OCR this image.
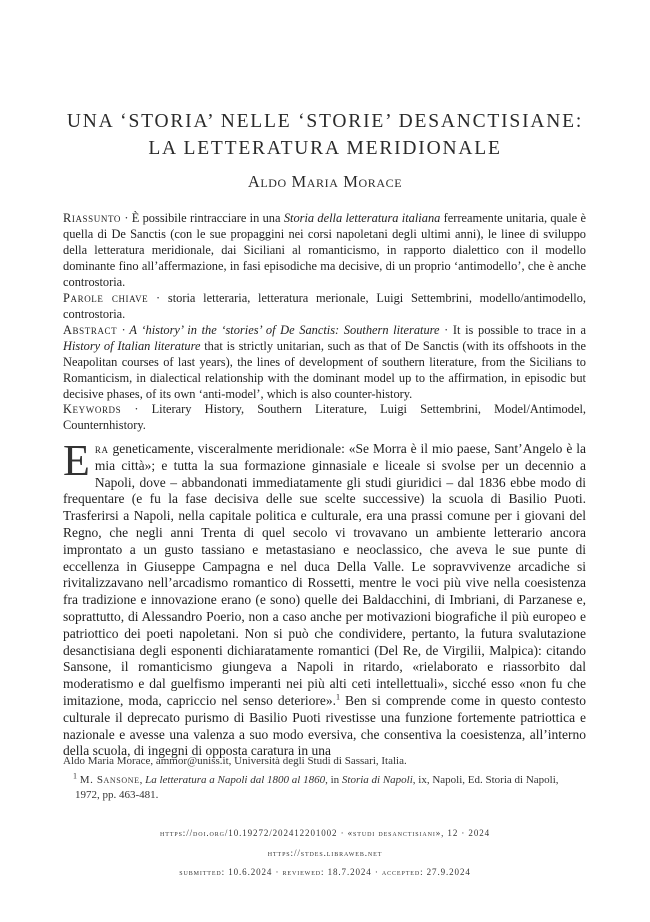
UNA ‘STORIA’ NELLE ‘STORIE’ DESANCTISIANE:
LA LETTERATURA MERIDIONALE
Aldo Maria Morace
Riassunto · È possibile rintracciare in una Storia della letteratura italiana ferreamente unitaria, quale è quella di De Sanctis (con le sue propaggini nei corsi napoletani degli ultimi anni), le linee di sviluppo della letteratura meridionale, dai Siciliani al romanticismo, in rapporto dialettico con il modello dominante fino all’affermazione, in fasi episodiche ma decisive, di un proprio ‘antimodello’, che è anche controstoria.
Parole chiave · storia letteraria, letteratura merionale, Luigi Settembrini, modello/antimodello, controstoria.
Abstract · A ‘history’ in the ‘stories’ of De Sanctis: Southern literature · It is possible to trace in a History of Italian literature that is strictly unitarian, such as that of De Sanctis (with its offshoots in the Neapolitan courses of last years), the lines of development of southern literature, from the Sicilians to Romanticism, in dialectical relationship with the dominant model up to the affirmation, in episodic but decisive phases, of its own ‘anti-model’, which is also counter-history.
Keywords · Literary History, Southern Literature, Luigi Settembrini, Model/Antimodel, Counternhistory.
Era geneticamente, visceralmente meridionale: «Se Morra è il mio paese, Sant’Angelo è la mia città»; e tutta la sua formazione ginnasiale e liceale si svolse per un decennio a Napoli, dove – abbandonati immediatamente gli studi giuridici – dal 1836 ebbe modo di frequentare (e fu la fase decisiva delle sue scelte successive) la scuola di Basilio Puoti. Trasferirsi a Napoli, nella capitale politica e culturale, era una prassi comune per i giovani del Regno, che negli anni Trenta di quel secolo vi trovavano un ambiente letterario ancora improntato a un gusto tassiano e metastasiano e neoclassico, che aveva le sue punte di eccellenza in Giuseppe Campagna e nel duca Della Valle. Le sopravvivenze arcadiche si rivitalizzavano nell’arcadismo romantico di Rossetti, mentre le voci più vive nella coesistenza fra tradizione e innovazione erano (e sono) quelle dei Baldacchini, di Imbriani, di Parzanese e, soprattutto, di Alessandro Poerio, non a caso anche per motivazioni biografiche il più europeo e patriottico dei poeti napoletani. Non si può che condividere, pertanto, la futura svalutazione desanctisiana degli esponenti dichiaratamente romantici (Del Re, de Virgilii, Malpica): citando Sansone, il romanticismo giungeva a Napoli in ritardo, «rielaborato e riassorbito dal moderatismo e dal guelfismo imperanti nei più alti ceti intellettuali», sicché esso «non fu che imitazione, moda, capriccio nel senso deteriore».$^1$ Ben si comprende come in questo contesto culturale il deprecato purismo di Basilio Puoti rivestisse una funzione fortemente patriottica e nazionale e avesse una valenza a suo modo eversiva, che consentiva la coesistenza, all’interno della scuola, di ingegni di opposta caratura in una
Aldo Maria Morace, ammor@uniss.it, Università degli Studi di Sassari, Italia.
$^1$ M. Sansone, La letteratura a Napoli dal 1800 al 1860, in Storia di Napoli, ix, Napoli, Ed. Storia di Napoli, 1972, pp. 463-481.
https://doi.org/10.19272/202412201002 · «studi desanctisiani», 12 · 2024
https://stdes.libraweb.net
submitted: 10.6.2024 · reviewed: 18.7.2024 · accepted: 27.9.2024
